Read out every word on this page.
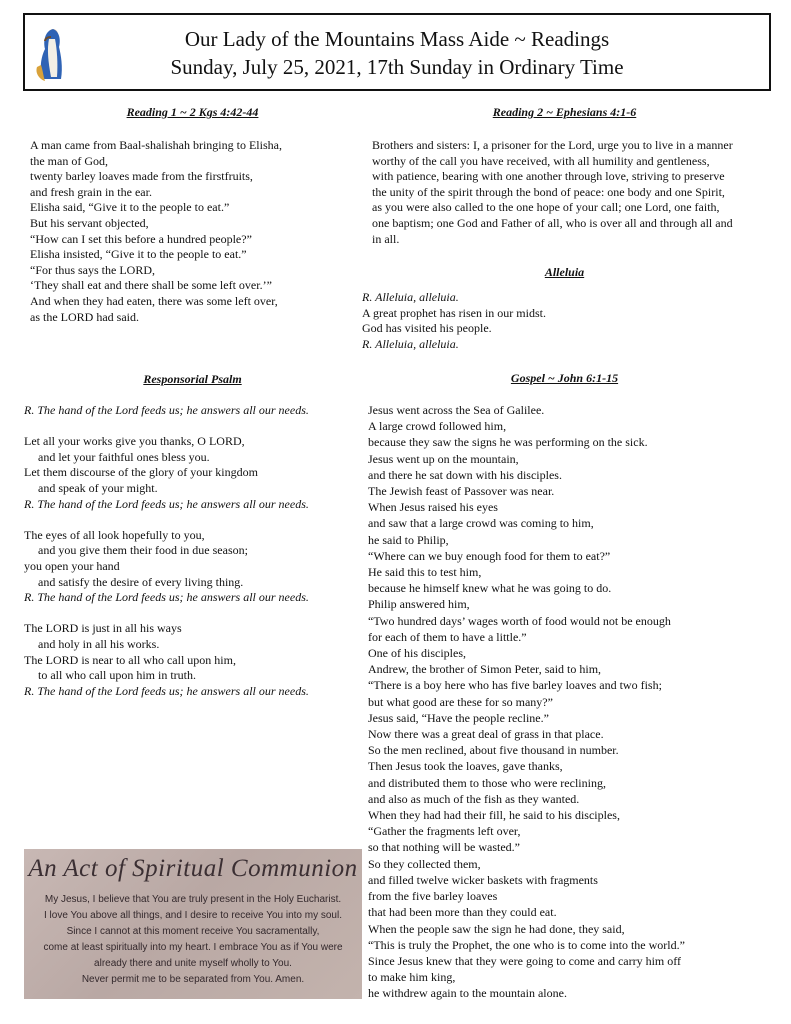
Our Lady of the Mountains Mass Aide ~ Readings
Sunday, July 25, 2021, 17th Sunday in Ordinary Time
Reading 1 ~ 2 Kgs 4:42-44
A man came from Baal-shalishah bringing to Elisha,
the man of God,
twenty barley loaves made from the firstfruits,
and fresh grain in the ear.
Elisha said, “Give it to the people to eat.”
But his servant objected,
“How can I set this before a hundred people?”
Elisha insisted, “Give it to the people to eat.”
“For thus says the LORD,
‘They shall eat and there shall be some left over.’”
And when they had eaten, there was some left over,
as the LORD had said.
Reading 2 ~ Ephesians 4:1-6
Brothers and sisters: I, a prisoner for the Lord, urge you to live in a manner
worthy of the call you have received, with all humility and gentleness,
with patience, bearing with one another through love, striving to preserve
the unity of the spirit through the bond of peace: one body and one Spirit,
as you were also called to the one hope of your call; one Lord, one faith,
one baptism; one God and Father of all, who is over all and through all and
in all.
Alleluia
R. Alleluia, alleluia.
A great prophet has risen in our midst.
God has visited his people.
R. Alleluia, alleluia.
Responsorial Psalm
R. The hand of the Lord feeds us; he answers all our needs.
Let all your works give you thanks, O LORD,
and let your faithful ones bless you.
Let them discourse of the glory of your kingdom
and speak of your might.
R. The hand of the Lord feeds us; he answers all our needs.
The eyes of all look hopefully to you,
and you give them their food in due season;
you open your hand
and satisfy the desire of every living thing.
R. The hand of the Lord feeds us; he answers all our needs.
The LORD is just in all his ways
and holy in all his works.
The LORD is near to all who call upon him,
to all who call upon him in truth.
R. The hand of the Lord feeds us; he answers all our needs.
Gospel ~ John 6:1-15
Jesus went across the Sea of Galilee.
A large crowd followed him,
because they saw the signs he was performing on the sick.
Jesus went up on the mountain,
and there he sat down with his disciples.
The Jewish feast of Passover was near.
When Jesus raised his eyes
and saw that a large crowd was coming to him,
he said to Philip,
“Where can we buy enough food for them to eat?”
He said this to test him,
because he himself knew what he was going to do.
Philip answered him,
“Two hundred days’ wages worth of food would not be enough
for each of them to have a little.”
One of his disciples,
Andrew, the brother of Simon Peter, said to him,
“There is a boy here who has five barley loaves and two fish;
but what good are these for so many?”
Jesus said, “Have the people recline.”
Now there was a great deal of grass in that place.
So the men reclined, about five thousand in number.
Then Jesus took the loaves, gave thanks,
and distributed them to those who were reclining,
and also as much of the fish as they wanted.
When they had had their fill, he said to his disciples,
“Gather the fragments left over,
so that nothing will be wasted.”
So they collected them,
and filled twelve wicker baskets with fragments
from the five barley loaves
that had been more than they could eat.
When the people saw the sign he had done, they said,
“This is truly the Prophet, the one who is to come into the world.”
Since Jesus knew that they were going to come and carry him off
to make him king,
he withdrew again to the mountain alone.
An Act of Spiritual Communion
My Jesus, I believe that You are truly present in the Holy Eucharist.
I love You above all things, and I desire to receive You into my soul.
Since I cannot at this moment receive You sacramentally,
come at least spiritually into my heart. I embrace You as if You were
already there and unite myself wholly to You.
Never permit me to be separated from You. Amen.
